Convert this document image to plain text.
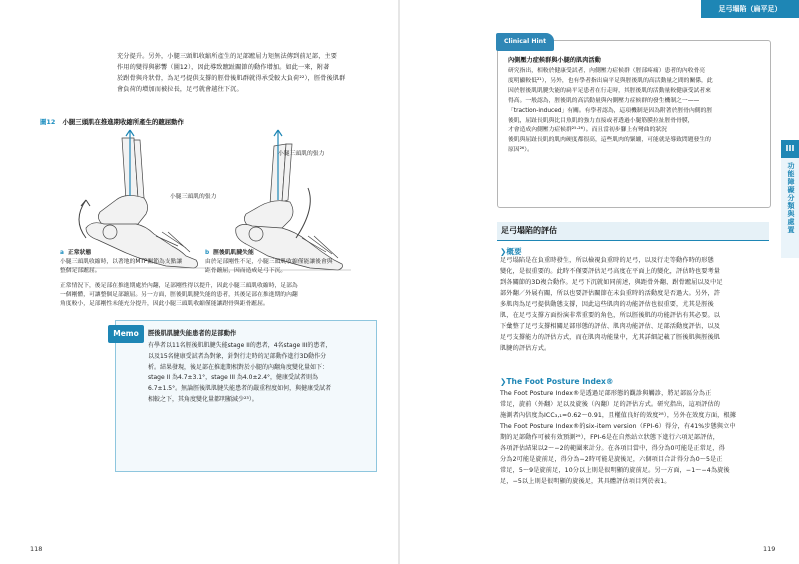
充分提升。另外，小腿三頭肌收縮所產生的足部蹠屈力矩無法傳到前足部，主要
作用的變得與影響（圖12），因此導致蹠趾關節的動作增加。如此一來，附著
於跗骨與舟狀骨，為足弓提供支撐的脛骨後肌群就得承受較大負荷²²），脛骨後肌群
會負荷的增加而被拉長，足弓就會越往下沉。
圖12 小腿三頭肌在推進期收縮所產生的蹠屈動作
小腿三頭肌的張力
小腿三頭肌的張力
a 正常狀態
小腿三頭肌收縮時，以著地的MTP關節為支點讓
整個足部蹠屈。
b 脛後肌肌腱失能
由於足部剛性不足，小腿三頭肌收縮僅能讓後會與
距骨蹠屈，因而造成足弓下沉。
正常情況下，後足部在推進期處於內翻，足部剛性得以提升，因此小腿三頭肌收縮時，足部為
一個剛體，可讓整個足部蹠屈。另一方面，脛後肌肌腱失能的患者，其後足部在推進期的內翻
角度較小，足部剛性未能充分提升，因此小腿三頭肌收縮僅能讓跗骨與距骨蹠屈。
Memo	脛後肌肌腱失能患者的足部動作
有學者以11名脛後肌肌腱失能stage II的患者，4名stage III的患者，
以及15名健康受試者為對象，針對行走時的足部動作進行3D動作分
析。結果發現，後足部在推進期相對於小腿的內翻角度變化量如下：
stage II 為4.7±3.1°，stage III 為4.0±2.4°，健康受試者則為
6.7±1.5°。無論脛後肌肌腱失能患者的嚴重程度如何，與健康受試者
相較之下，其角度變化量都明顯減少²³）。
118
足弓塌陷（扁平足）
Clinical Hint
內側壓力症候群與小腿的肌肉活動
研究指出，相較於健康受試者，內側壓力症候群（脛部疼痛）患者的內收骨亮
度明顯較低²¹），另外，也有學者指出扁平足與脛後肌的高活動量之間的關係，此
因於脛後肌肌腱失能的扁平足患者在行走時，其脛後肌的活動量較健康受試者來
得高。一般認為，脛後肌的高活動量與內側壓力症候群的發生機制之一——
「traction-induced」有關。有學者認為，這項機制是因為附著於脛骨內側的脛
後肌，屈趾長肌與比目魚肌的強力直接或者透過小腿筋膜拉扯脛骨骨膜，
才會造成內側壓力症候群²⁵·²⁶）。而且當初步腳上有彎曲的狀況
後肌與屈趾長肌的肌肉硬度都很高，這些肌肉的緊繃，可能就是導致問題發生的
原因²⁶）。
❯概要
足弓塌陷是在負重時發生，所以檢視負重時的足弓，以及行走等動作時的形態
變化，是很重要的。此時不僅要評估足弓高度在平面上的變化，評估時也要考量
到各關節的3D複合動作。足弓下沉就如同前述，與距骨外翻、跗骨蹠屈以及中足
部外翻／外展有關，所以也要評估關節在未負重時的活動度是否過大。另外，許
多肌肉為足弓提供動態支撐，因此這些肌肉的功能評估也很重要，尤其是脛後
肌，在足弓支撐方面扮演非常重要的角色，所以脛後肌的功能評估有其必要。以
下彙整了足弓支撐相關足部形態的評估、肌肉功能評估、足部活動度評估，以及
足弓支撐能力的評估方式，而在肌肉功能量中，尤其詳細記載了脛後肌與脛後肌
肌腱的評估方式。
❯The Foot Posture Index®
The Foot Posture Index®是透過足部形態的觀診與觸診，將足部區分為正
常足，旋前（外翻）足以及旋後（內翻）足的評估方式。研究指出，這項評估的
施測者內信度為ICC₃,₁=0.62〜0.91，且權值良好的效度²⁸），另外在效度方面，根據
The Foot Posture Index®的six-item version（FPI-6）得分，有41%步態與立中
期的足部動作可被有效預測²⁹），FPI-6是在自然站立狀態下進行六項足部評估，
各項評估結果以2〜−2的範圍來計分。在各項目當中，得分為0可能是正常足，得
分為2可能是旋前足，得分為−2時可能是旋後足，六個項目合計得分為0〜5是正
常足，5〜9是旋前足，10分以上則是很明顯的旋前足。另一方面，−1〜−4為旋後
足，−5以上則是很明顯的旋後足，其具體評估項目列於表1。
119
足弓塌陷的評估
III
功能障礙分類與處置
